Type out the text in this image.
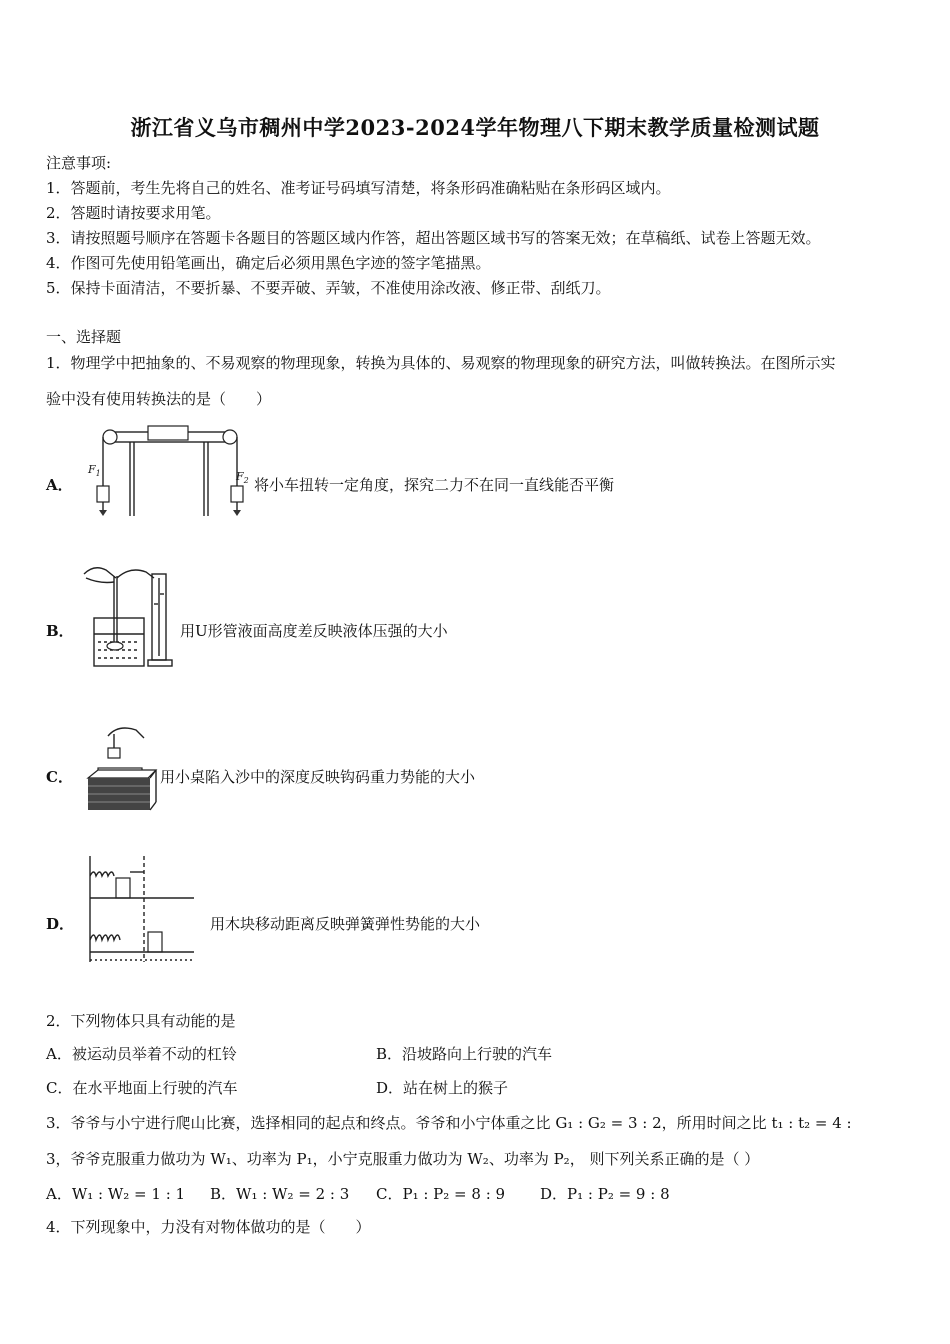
浙江省义乌市稠州中学2023-2024学年物理八下期末教学质量检测试题
注意事项:
1．答题前，考生先将自己的姓名、准考证号码填写清楚，将条形码准确粘贴在条形码区域内。
2．答题时请按要求用笔。
3．请按照题号顺序在答题卡各题目的答题区域内作答，超出答题区域书写的答案无效；在草稿纸、试卷上答题无效。
4．作图可先使用铅笔画出，确定后必须用黑色字迹的签字笔描黑。
5．保持卡面清洁，不要折暴、不要弄破、弄皱，不准使用涂改液、修正带、刮纸刀。
一、选择题
1．物理学中把抽象的、不易观察的物理现象，转换为具体的、易观察的物理现象的研究方法，叫做转换法。在图所示实
验中没有使用转换法的是（　　）
A．
$F_1$	$F_2$ 将小车扭转一定角度，探究二力不在同一直线能否平衡
B．	用U形管液面高度差反映液体压强的大小
C．	用小桌陷入沙中的深度反映钩码重力势能的大小
D．	用木块移动距离反映弹簧弹性势能的大小
2．下列物体只具有动能的是
A．被运动员举着不动的杠铃	B．沿坡路向上行驶的汽车
C．在水平地面上行驶的汽车	D．站在树上的猴子
3．爷爷与小宁进行爬山比赛，选择相同的起点和终点。爷爷和小宁体重之比 G₁ : G₂ = 3 : 2，所用时间之比 t₁ : t₂ = 4 :
3，爷爷克服重力做功为 W₁、功率为 P₁，小宁克服重力做功为 W₂、功率为 P₂， 则下列关系正确的是（ ）
A．W₁ : W₂ = 1 : 1 B．W₁ : W₂ = 2 : 3 C．P₁ : P₂ = 8 : 9 D．P₁ : P₂ = 9 : 8
4．下列现象中，力没有对物体做功的是（　　）
